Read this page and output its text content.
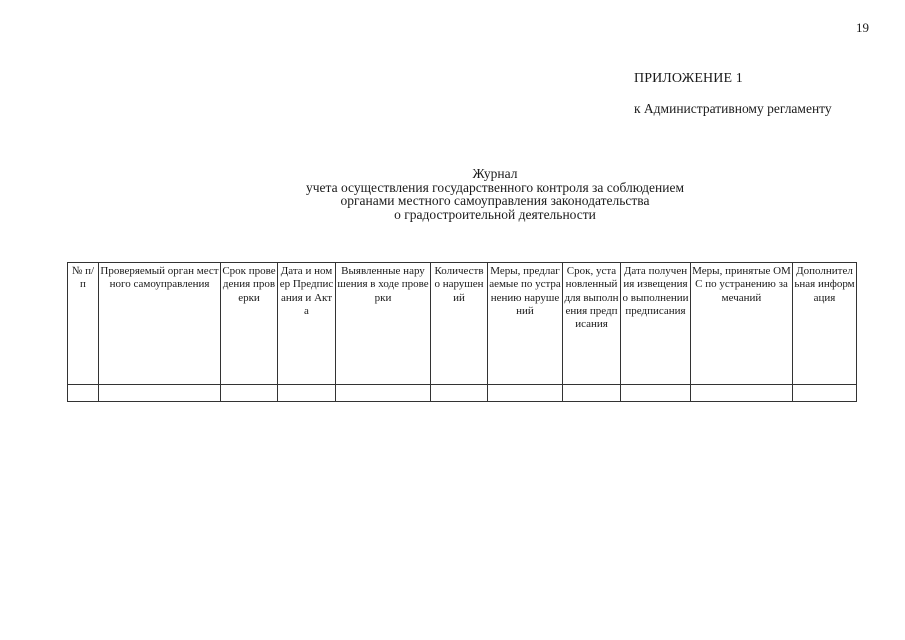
19
ПРИЛОЖЕНИЕ 1
к Административному регламенту
Журнал
учета осуществления государственного контроля за соблюдением
органами местного самоуправления законодательства
о градостроительной деятельности
№ п/п	Проверяемый орган местного самоуправления	Срок проведения проверки	Дата и номер Предписания и Акта	Выявленные нарушения в ходе проверки	Количество нарушений	Меры, предлагаемые по устранению нарушений	Срок, установленный для выполнения предписания	Дата получения извещения о выполнении предписания	Меры, принятые ОМС по устранению замечаний	Дополнительная информация
